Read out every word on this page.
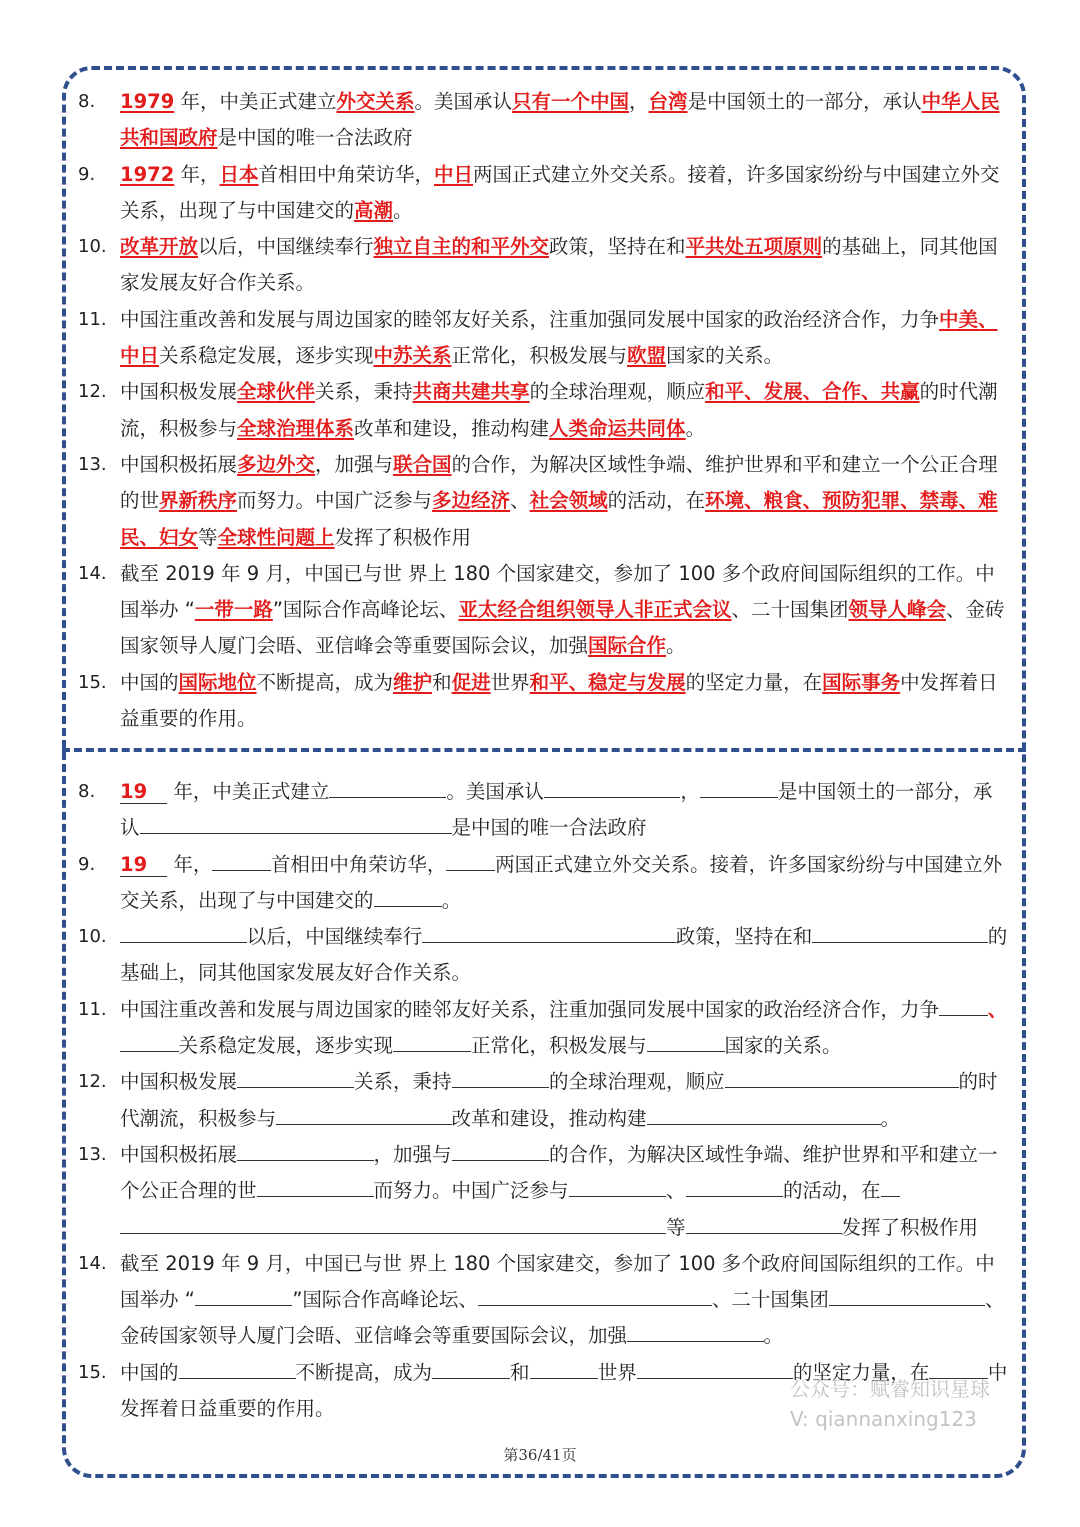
8.	1979 年，中美正式建立外交关系。美国承认只有一个中国，台湾是中国领土的一部分，承认中华人民共和国政府是中国的唯一合法政府
9.	1972 年，日本首相田中角荣访华，中日两国正式建立外交关系。接着，许多国家纷纷与中国建立外交关系，出现了与中国建交的高潮。
10. 改革开放以后，中国继续奉行独立自主的和平外交政策，坚持在和平共处五项原则的基础上，同其他国家发展友好合作关系。
11. 中国注重改善和发展与周边国家的睦邻友好关系，注重加强同发展中国家的政治经济合作，力争中美、中日关系稳定发展，逐步实现中苏关系正常化，积极发展与欧盟国家的关系。
12. 中国积极发展全球伙伴关系，秉持共商共建共享的全球治理观，顺应和平、发展、合作、共赢的时代潮流，积极参与全球治理体系改革和建设，推动构建人类命运共同体。
13. 中国积极拓展多边外交，加强与联合国的合作，为解决区域性争端、维护世界和平和建立一个公正合理的世界新秩序而努力。中国广泛参与多边经济、社会领域的活动，在环境、粮食、预防犯罪、禁毒、难民、妇女等全球性问题上发挥了积极作用
14. 截至 2019 年 9 月，中国已与世 界上 180 个国家建交，参加了 100 多个政府间国际组织的工作。中国举办 “一带一路”国际合作高峰论坛、亚太经合组织领导人非正式会议、二十国集团领导人峰会、金砖国家领导人厦门会晤、亚信峰会等重要国际会议，加强国际合作。
15. 中国的国际地位不断提高，成为维护和促进世界和平、稳定与发展的坚定力量，在国际事务中发挥着日益重要的作用。
8.	19 年，中美正式建立	。美国承认	，	是中国领土的一部分，承认	是中国的唯一合法政府
9.	19 年，	首相田中角荣访华，	两国正式建立外交关系。接着，许多国家纷纷与中国建立外交关系，出现了与中国建交的	。
10.	以后，中国继续奉行	政策，坚持在和	的基础上，同其他国家发展友好合作关系。
11. 中国注重改善和发展与周边国家的睦邻友好关系，注重加强同发展中国家的政治经济合作，力争	、关系稳定发展，逐步实现	正常化，积极发展与	国家的关系。
12. 中国积极发展	关系，秉持	的全球治理观，顺应	的时代潮流，积极参与	改革和建设，推动构建	。
13. 中国积极拓展	，加强与	的合作，为解决区域性争端、维护世界和平和建立一个公正合理的世	而努力。中国广泛参与	、	的活动，在等	发挥了积极作用
14. 截至 2019 年 9 月，中国已与世 界上 180 个国家建交，参加了 100 多个政府间国际组织的工作。中国举办 “	”国际合作高峰论坛、	、二十国集团	、金砖国家领导人厦门会晤、亚信峰会等重要国际会议，加强	。
15. 中国的	不断提高，成为	和	世界	的坚定力量，在	中发挥着日益重要的作用。
公众号：赋睿知识星球
V: qiannanxing123
第36/41页
